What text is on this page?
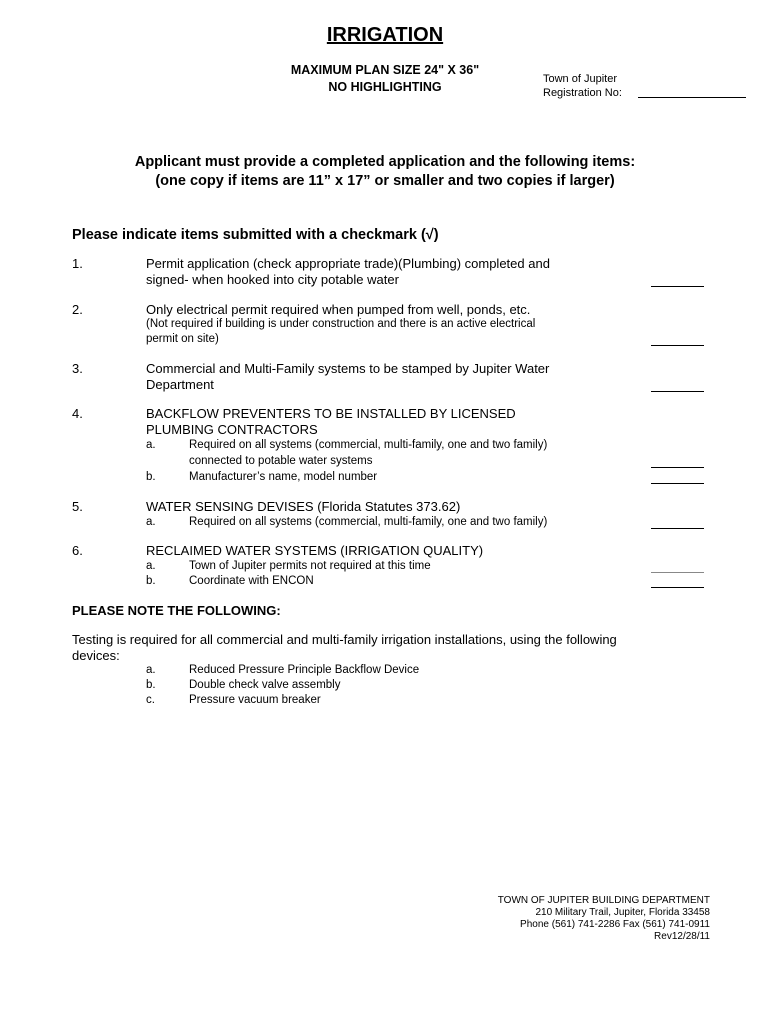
IRRIGATION
MAXIMUM PLAN SIZE 24" X 36"
NO HIGHLIGHTING
Town of Jupiter
Registration No:
Applicant must provide a completed application and the following items:
(one copy if items are 11” x 17” or smaller and two copies if larger)
Please indicate items submitted with a checkmark (√)
1.	Permit application (check appropriate trade)(Plumbing) completed and
signed- when hooked into city potable water
2.	Only electrical permit required when pumped from well, ponds, etc.
(Not required if building is under construction and there is an active electrical
permit on site)
3.	Commercial and Multi-Family systems to be stamped by Jupiter Water
Department
4.	BACKFLOW PREVENTERS TO BE INSTALLED BY LICENSED
PLUMBING CONTRACTORS
a.	Required on all systems (commercial, multi-family, one and two family)
connected to potable water systems
b.	Manufacturer’s name, model number
5.	WATER SENSING DEVISES (Florida Statutes 373.62)
a.	Required on all systems (commercial, multi-family, one and two family)
6.	RECLAIMED WATER SYSTEMS (IRRIGATION QUALITY)
a.	Town of Jupiter permits not required at this time
b.	Coordinate with ENCON
PLEASE NOTE THE FOLLOWING:
Testing is required for all commercial and multi-family irrigation installations, using the following
devices:
a.	Reduced Pressure Principle Backflow Device
b.	Double check valve assembly
c.	Pressure vacuum breaker
TOWN OF JUPITER BUILDING DEPARTMENT
210 Military Trail, Jupiter, Florida 33458
Phone (561) 741-2286 Fax (561) 741-0911
Rev12/28/11
